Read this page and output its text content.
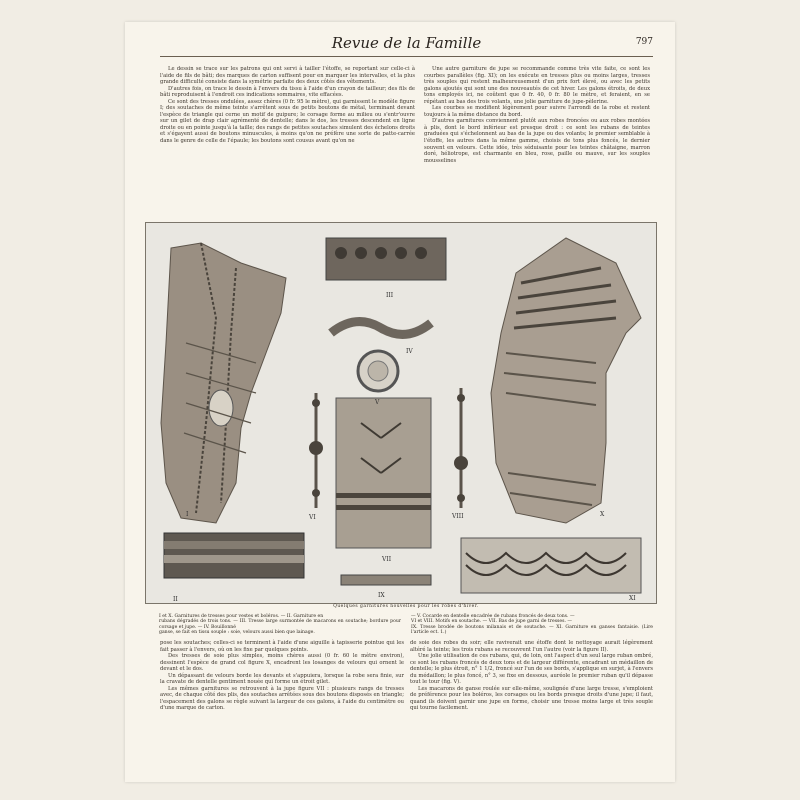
Revue de la Famille	797

Le dessin se trace sur les patrons qui ont servi à tailler l'étoffe, se reportant sur celle-ci à l'aide de fils de bâti; des marques de carton suffisent pour en marquer les intervalles, et la plus grande difficulté consiste dans la symétrie parfaite des deux côtés des vêtements.

D'autres fois, on trace le dessin à l'envers du tissu à l'aide d'un crayon de tailleur; des fils de bâti reproduisent à l'endroit ces indications sommaires, vite effacées.

Ce sont des tresses ondulées, assez chères (0 fr. 95 le mètre), qui garnissent le modèle figure I; des soutaches de même teinte s'arrêtent sous de petits boutons de métal, terminant devant l'espèce de triangle qui cerne un motif de guipure; le corsage forme au milieu ou s'entr'ouvre sur un gilet de drap clair agrémenté de dentelle; dans le dos, les tresses descendent en ligne droite ou en pointe jusqu'à la taille; des rangs de petites soutaches simulent des échelons droits et s'égayent aussi de boutons minuscules, à moins qu'on ne préfère une sorte de patte-carrée dans le genre de celle de l'épaule; les boutons sont cousus avant qu'on ne

Une autre garniture de jupe se recommande comme très vite faite, ce sont les courbes parallèles (fig. XI); on les exécute en tresses plus ou moins larges, tresses très souples qui restent malheureusement d'un prix fort élevé, ou avec les petits galons ajoutés qui sont une des nouveautés de cet hiver. Les galons étroits, de deux tons employés ici, ne coûtent que 0 fr. 40, 0 fr. 80 le mètre, et feraient, en se répétant au bas des trois volants, une jolie garniture de jupe-pèlerine.

Les courbes se modifient légèrement pour suivre l'arrondi de la robe et restent toujours à la même distance du bord.

D'autres garnitures conviennent plutôt aux robes froncées ou aux robes montées à plis, dont le bord inférieur est presque droit : ce sont les rubans de teintes graduées qui s'échelonnent au bas de la jupe ou des volants; le premier semblable à l'étoffe, les autres dans la même gamme, choisis de tons plus foncés, le dernier souvent en velours. Cette idée, très séduisante pour les teintes châtaigne, marron doré, héliotrope, est charmante en bleu, rose, paille ou mauve, sur les souples mousselines

I
II
III
IV
V
VI
VII
VIII
IX
X
XI
Quelques garnitures nouvelles pour les robes d'hiver.
I et X. Garnitures de tresses pour vestes et boléros. — II. Garniture en
rubans dégradés de trois tons. — III. Tresse large surmontée de macarons en soutache; bordure pour corsage et jupe. — IV. Bouillonné
ganse, se fait en tissu souple : soie, velours aussi bien que lainage.
— V. Cocarde en dentelle encadrée de rubans froncés de deux tons. —
VI et VIII. Motifs en soutache. — VII. Bas de jupe garni de tresses. —
IX. Tresse brodée de boutons milanais et de soutache. — XI. Garniture en ganses fantaisie. (Lire l'article ect. 1.)

pose les soutaches; celles-ci se terminent à l'aide d'une aiguille à tapisserie pointue qui les fait passer à l'envers, où on les fixe par quelques points.

Des tresses de soie plus simples, moins chères aussi (0 fr. 60 le mètre environ), dessinent l'espèce de grand col figure X, encadrent les losanges de velours qui ornent le devant et le dos.

Un dépassant de velours borde les devants et s'appuiera, lorsque la robe sera finie, sur la cravate de dentelle gentiment nouée qui forme un étroit gilet.

Les mêmes garnitures se retrouvent à la jupe figure VII : plusieurs rangs de tresses avec, de chaque côté des plis, des soutaches arrêtées sous des boutons disposés en triangle; l'espacement des galons se règle suivant la largeur de ces galons, à l'aide du centimètre ou d'une marque de carton.

de soie des robes du soir; elle raviverait une étoffe dont le nettoyage aurait légèrement altéré la teinte; les trois rubans se recouvrent l'un l'autre (voir la figure II).

Une jolie utilisation de ces rubans, qui, de loin, ont l'aspect d'un seul large ruban ombré, ce sont les rubans froncés de deux tons et de largeur différente, encadrant un médaillon de dentelle; le plus étroit, n° 1 1/2, froncé sur l'un de ses bords, s'applique en surjet, à l'envers du médaillon; le plus foncé, n° 3, se fixe en dessous, auréole le premier ruban qu'il dépasse tout le tour (fig. V).

Les macarons de ganse roulée sur elle-même, soulignée d'une large tresse, s'emploient de préférence pour les boléros, les corsages ou les bords presque droits d'une jupe; il faut, quand ils doivent garnir une jupe en forme, choisir une tresse moins large et très souple qui tourne facilement.
